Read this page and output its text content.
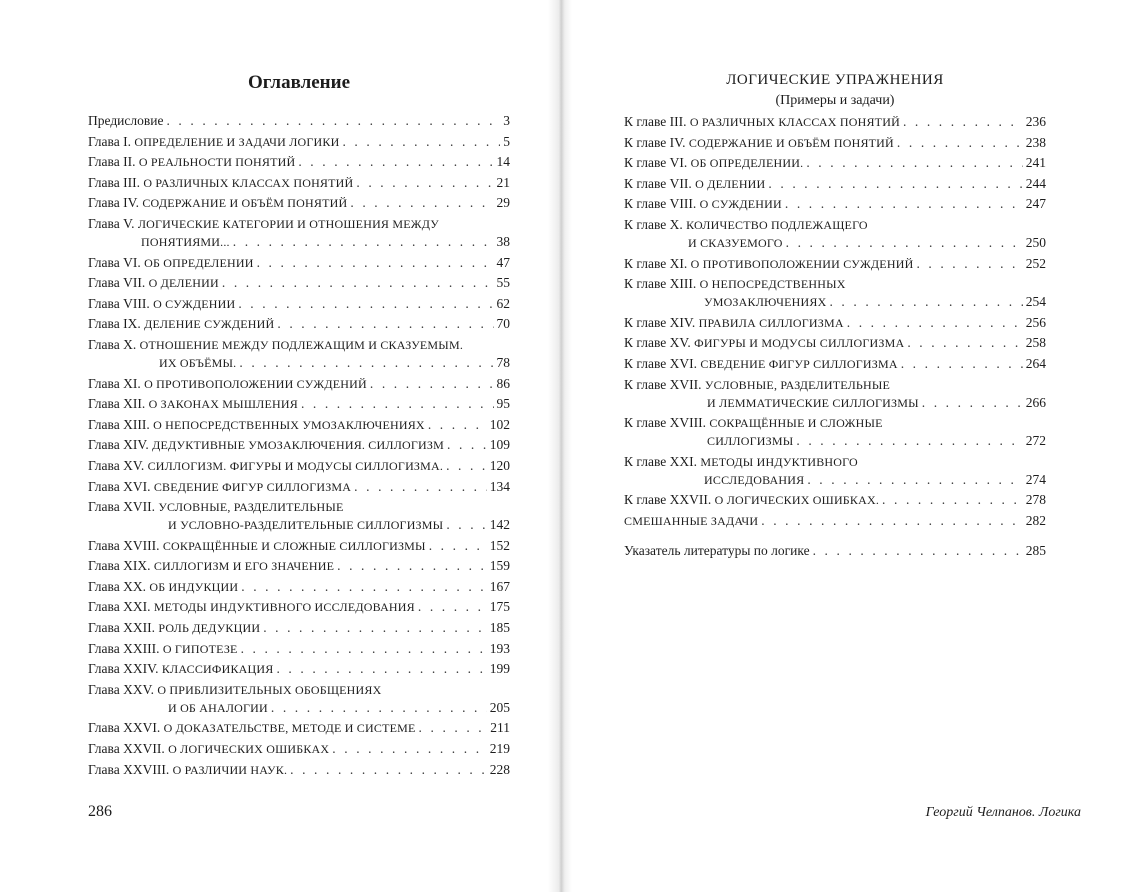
Оглавление
Предисловие . . .	3
Глава I. ОПРЕДЕЛЕНИЕ И ЗАДАЧИ ЛОГИКИ . . .	5
Глава II. О РЕАЛЬНОСТИ ПОНЯТИЙ . . .	14
Глава III. О РАЗЛИЧНЫХ КЛАССАХ ПОНЯТИЙ . . .	21
Глава IV. СОДЕРЖАНИЕ И ОБЪЁМ ПОНЯТИЙ . . .	29
Глава V. ЛОГИЧЕСКИЕ КАТЕГОРИИ И ОТНОШЕНИЯ МЕЖДУ
ПОНЯТИЯМИ... . . .	38
Глава VI. ОБ ОПРЕДЕЛЕНИИ . . .	47
Глава VII. О ДЕЛЕНИИ . . .	55
Глава VIII. О СУЖДЕНИИ . . .	62
Глава IX. ДЕЛЕНИЕ СУЖДЕНИЙ . . .	70
Глава X. ОТНОШЕНИЕ МЕЖДУ ПОДЛЕЖАЩИМ И СКАЗУЕМЫМ.
ИХ ОБЪЁМЫ. . . .	78
Глава XI. О ПРОТИВОПОЛОЖЕНИИ СУЖДЕНИЙ . . .	86
Глава XII. О ЗАКОНАХ МЫШЛЕНИЯ . . .	95
Глава XIII. О НЕПОСРЕДСТВЕННЫХ УМОЗАКЛЮЧЕНИЯХ . . .	102
Глава XIV. ДЕДУКТИВНЫЕ УМОЗАКЛЮЧЕНИЯ. СИЛЛОГИЗМ . . .	109
Глава XV. СИЛЛОГИЗМ. ФИГУРЫ И МОДУСЫ СИЛЛОГИЗМА. . . .	120
Глава XVI. СВЕДЕНИЕ ФИГУР СИЛЛОГИЗМА . . .	134
Глава XVII. УСЛОВНЫЕ, РАЗДЕЛИТЕЛЬНЫЕ
И УСЛОВНО-РАЗДЕЛИТЕЛЬНЫЕ СИЛЛОГИЗМЫ . . .	142
Глава XVIII. СОКРАЩЁННЫЕ И СЛОЖНЫЕ СИЛЛОГИЗМЫ . . .	152
Глава XIX. СИЛЛОГИЗМ И ЕГО ЗНАЧЕНИЕ . . .	159
Глава XX. ОБ ИНДУКЦИИ . . .	167
Глава XXI. МЕТОДЫ ИНДУКТИВНОГО ИССЛЕДОВАНИЯ . . .	175
Глава XXII. РОЛЬ ДЕДУКЦИИ . . .	185
Глава XXIII. О ГИПОТЕЗЕ . . .	193
Глава XXIV. КЛАССИФИКАЦИЯ . . .	199
Глава XXV. О ПРИБЛИЗИТЕЛЬНЫХ ОБОБЩЕНИЯХ
И ОБ АНАЛОГИИ . . .	205
Глава XXVI. О ДОКАЗАТЕЛЬСТВЕ, МЕТОДЕ И СИСТЕМЕ . . .	211
Глава XXVII. О ЛОГИЧЕСКИХ ОШИБКАХ . . .	219
Глава XXVIII. О РАЗЛИЧИИ НАУК. . . .	228
286	Георгий Челпанов. Логика
ЛОГИЧЕСКИЕ УПРАЖНЕНИЯ
(Примеры и задачи)
К главе III. О РАЗЛИЧНЫХ КЛАССАХ ПОНЯТИЙ . . .	236
К главе IV. СОДЕРЖАНИЕ И ОБЪЁМ ПОНЯТИЙ . . .	238
К главе VI. ОБ ОПРЕДЕЛЕНИИ. . . .	241
К главе VII. О ДЕЛЕНИИ . . .	244
К главе VIII. О СУЖДЕНИИ . . .	247
К главе X. КОЛИЧЕСТВО ПОДЛЕЖАЩЕГО
И СКАЗУЕМОГО . . .	250
К главе XI. О ПРОТИВОПОЛОЖЕНИИ СУЖДЕНИЙ . . .	252
К главе XIII. О НЕПОСРЕДСТВЕННЫХ
УМОЗАКЛЮЧЕНИЯХ . . .	254
К главе XIV. ПРАВИЛА СИЛЛОГИЗМА . . .	256
К главе XV. ФИГУРЫ И МОДУСЫ СИЛЛОГИЗМА . . .	258
К главе XVI. СВЕДЕНИЕ ФИГУР СИЛЛОГИЗМА . . .	264
К главе XVII. УСЛОВНЫЕ, РАЗДЕЛИТЕЛЬНЫЕ
И ЛЕММАТИЧЕСКИЕ СИЛЛОГИЗМЫ . . .	266
К главе XVIII. СОКРАЩЁННЫЕ И СЛОЖНЫЕ
СИЛЛОГИЗМЫ . . .	272
К главе XXI. МЕТОДЫ ИНДУКТИВНОГО
ИССЛЕДОВАНИЯ . . .	274
К главе XXVII. О ЛОГИЧЕСКИХ ОШИБКАХ. . . .	278
СМЕШАННЫЕ ЗАДАЧИ . . .	282
Указатель литературы по логике . . .	285
